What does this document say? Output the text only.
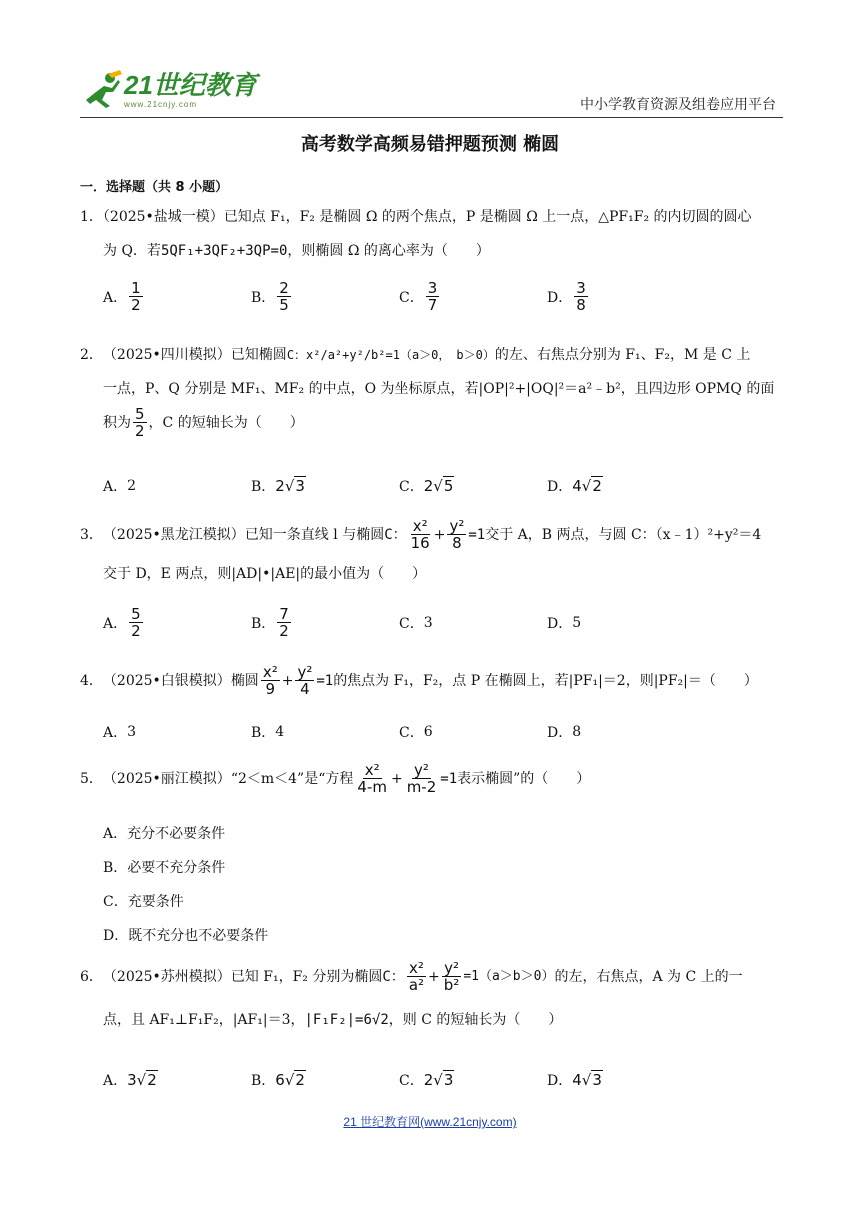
21世纪教育
www.21cnjy.com	中小学教育资源及组卷应用平台
高考数学高频易错押题预测 椭圆
一．选择题（共 8 小题）
1．（2025•盐城一模）已知点 F₁，F₂ 是椭圆 Ω 的两个焦点，P 是椭圆 Ω 上一点，△PF₁F₂ 的内切圆的圆心
为 Q．若5QF₁+3QF₂+3QP=0，则椭圆 Ω 的离心率为（　　）
A． $\frac{1}{2}$	B． $\frac{2}{5}$	C． $\frac{3}{7}$	D． $\frac{3}{8}$
2． （2025•四川模拟） 已知椭圆 C：x²/a²+y²/b²=1（a＞0，　b＞0） 的左、右焦点分别为 F₁、F₂，M 是 C 上
一点，P、Q 分别是 MF₁、MF₂ 的中点，O 为坐标原点，若|OP|²+|OQ|²＝a²﹣b²，且四边形 OPMQ 的面
积为 $\frac{5}{2}$ ，C 的短轴长为（　　）
A． 2	B． 2√3	C． 2√5	D． 4√2
3． （2025•黑龙江模拟） 已知一条直线 l 与椭圆 C： $\frac{\text{x²}}{16} + \frac{\text{y²}}{8} =1$ 交于 A，B 两点，与圆 C：（x﹣1）²+y²＝4
交于 D，E 两点，则|AD|•|AE|的最小值为（　　）
A． $\frac{5}{2}$	B． $\frac{7}{2}$	C． 3	D． 5
4． （2025•白银模拟） 椭圆 $\frac{\text{x²}}{9} + \frac{\text{y²}}{4} =1$ 的焦点为 F₁，F₂，点 P 在椭圆上，若|PF₁|＝2，则|PF₂|＝（　　）
A． 3	B． 4	C． 6	D． 8
5． （2025•丽江模拟） “2＜m＜4”是“方程 $\frac{\text{x²}}{4-m} + \frac{\text{y²}}{m-2} =1$ 表示椭圆”的（　　）
A．充分不必要条件
B．必要不充分条件
C．充要条件
D．既不充分也不必要条件
6． （2025•苏州模拟） 已知 F₁，F₂ 分别为椭圆 C： $\frac{\text{x²}}{\text{a²}} + \frac{\text{y²}}{\text{b²}} =1(a>b>0)$ 的左，右焦点，A 为 C 上的一
点，且 AF₁⊥F₁F₂，|AF₁|＝3，|F₁F₂|=6√2，则 C 的短轴长为（　　）
A． 3√2	B． 6√2	C． 2√3	D． 4√3
21 世纪教育网(www.21cnjy.com)
